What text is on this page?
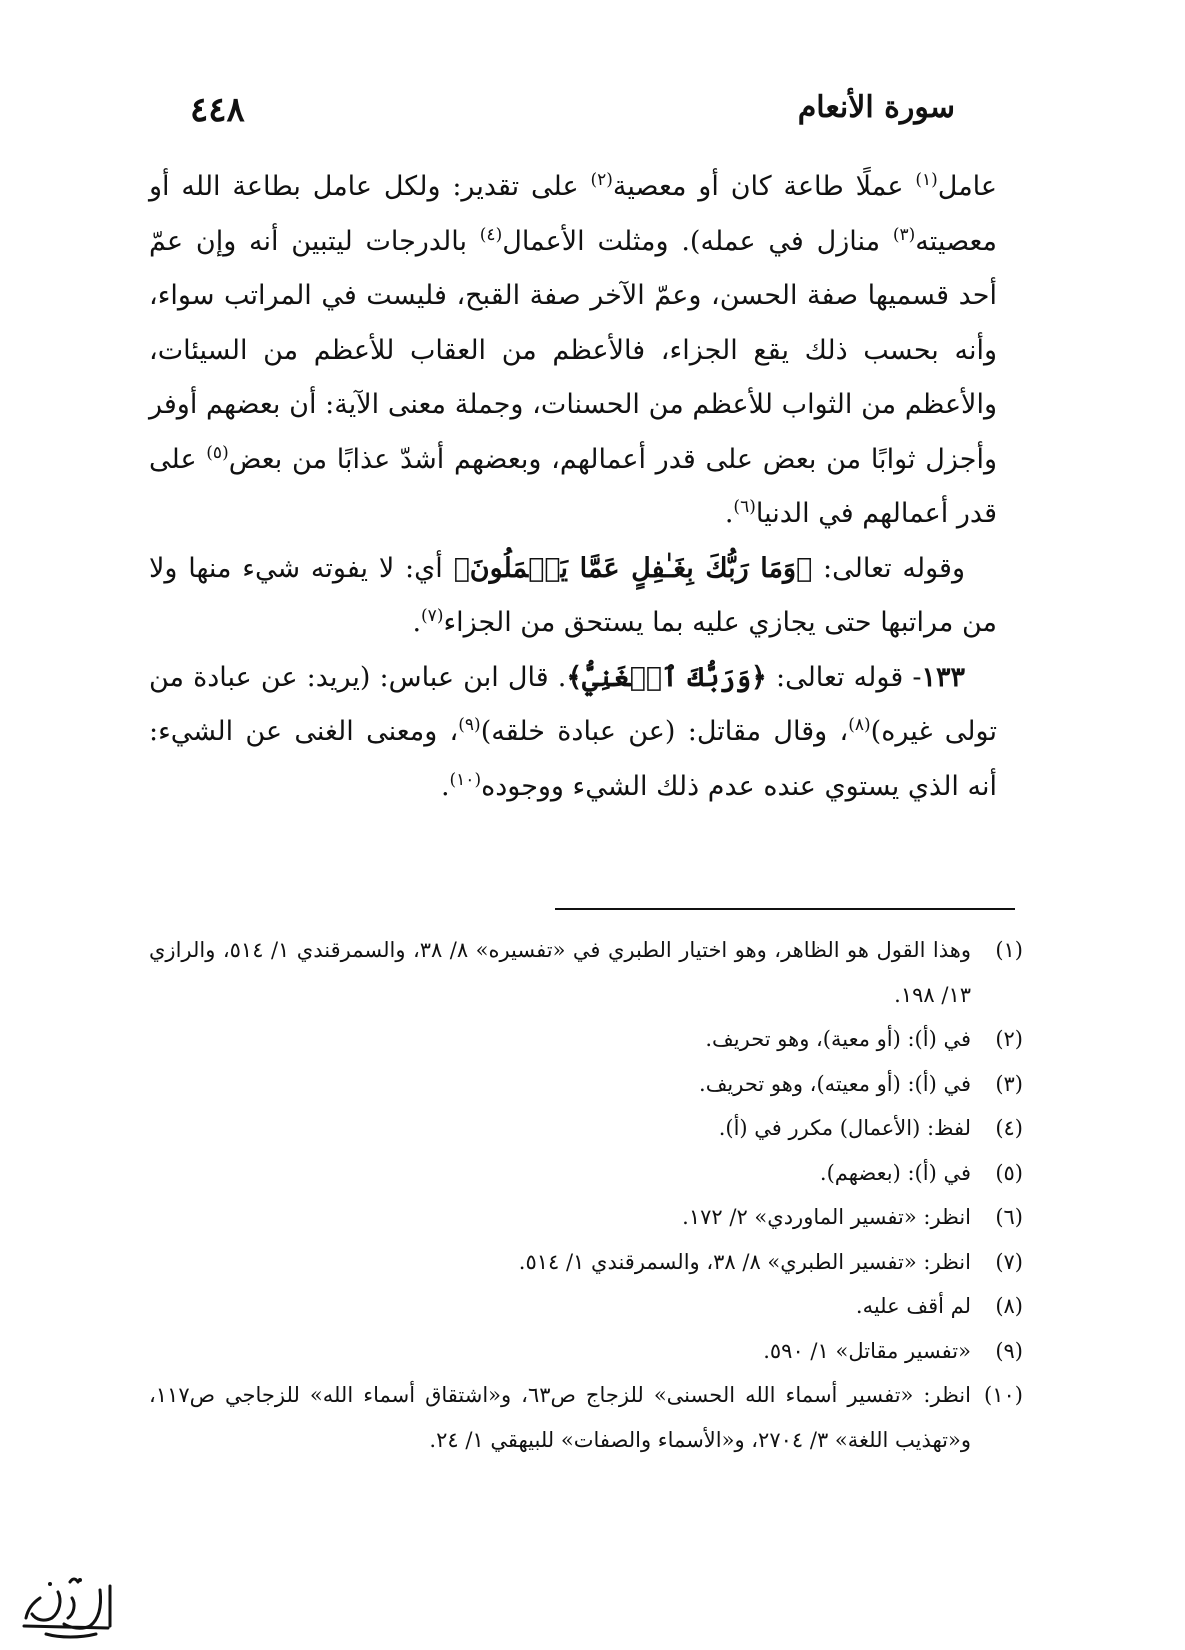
٤٤٨	سورة الأنعام

عامل$^{(١)}$ عملًا طاعة كان أو معصية$^{(٢)}$ على تقدير: ولكل عامل بطاعة الله أو معصيته$^{(٣)}$ منازل في عمله). ومثلت الأعمال$^{(٤)}$ بالدرجات ليتبين أنه وإن عمّ أحد قسميها صفة الحسن، وعمّ الآخر صفة القبح، فليست في المراتب سواء، وأنه بحسب ذلك يقع الجزاء، فالأعظم من العقاب للأعظم من السيئات، والأعظم من الثواب للأعظم من الحسنات، وجملة معنى الآية: أن بعضهم أوفر وأجزل ثوابًا من بعض على قدر أعمالهم، وبعضهم أشدّ عذابًا من بعض$^{(٥)}$ على قدر أعمالهم في الدنيا$^{(٦)}$.

وقوله تعالى: ﴿وَمَا رَبُّكَ بِغَـٰفِلٍ عَمَّا يَعۡمَلُونَ﴾ أي: لا يفوته شيء منها ولا من مراتبها حتى يجازي عليه بما يستحق من الجزاء$^{(٧)}$.

١٣٣- قوله تعالى: ﴿وَرَبُّكَ ٱلۡغَنِيُّ﴾. قال ابن عباس: (يريد: عن عبادة من تولى غيره)$^{(٨)}$، وقال مقاتل: (عن عبادة خلقه)$^{(٩)}$، ومعنى الغنى عن الشيء: أنه الذي يستوي عنده عدم ذلك الشيء ووجوده$^{(١٠)}$.

(١)
وهذا القول هو الظاهر، وهو اختيار الطبري في «تفسيره» ٨/ ٣٨، والسمرقندي ١/ ٥١٤، والرازي ١٣/ ١٩٨.
(٢)
في (أ): (أو معية)، وهو تحريف.
(٣)
في (أ): (أو معيته)، وهو تحريف.
(٤)
لفظ: (الأعمال) مكرر في (أ).
(٥)
في (أ): (بعضهم).
(٦)
انظر: «تفسير الماوردي» ٢/ ١٧٢.
(٧)
انظر: «تفسير الطبري» ٨/ ٣٨، والسمرقندي ١/ ٥١٤.
(٨)
لم أقف عليه.
(٩)
«تفسير مقاتل» ١/ ٥٩٠.
(١٠)
انظر: «تفسير أسماء الله الحسنى» للزجاج ص٦٣، و«اشتقاق أسماء الله» للزجاجي ص١١٧، و«تهذيب اللغة» ٣/ ٢٧٠٤، و«الأسماء والصفات» للبيهقي ١/ ٢٤.
